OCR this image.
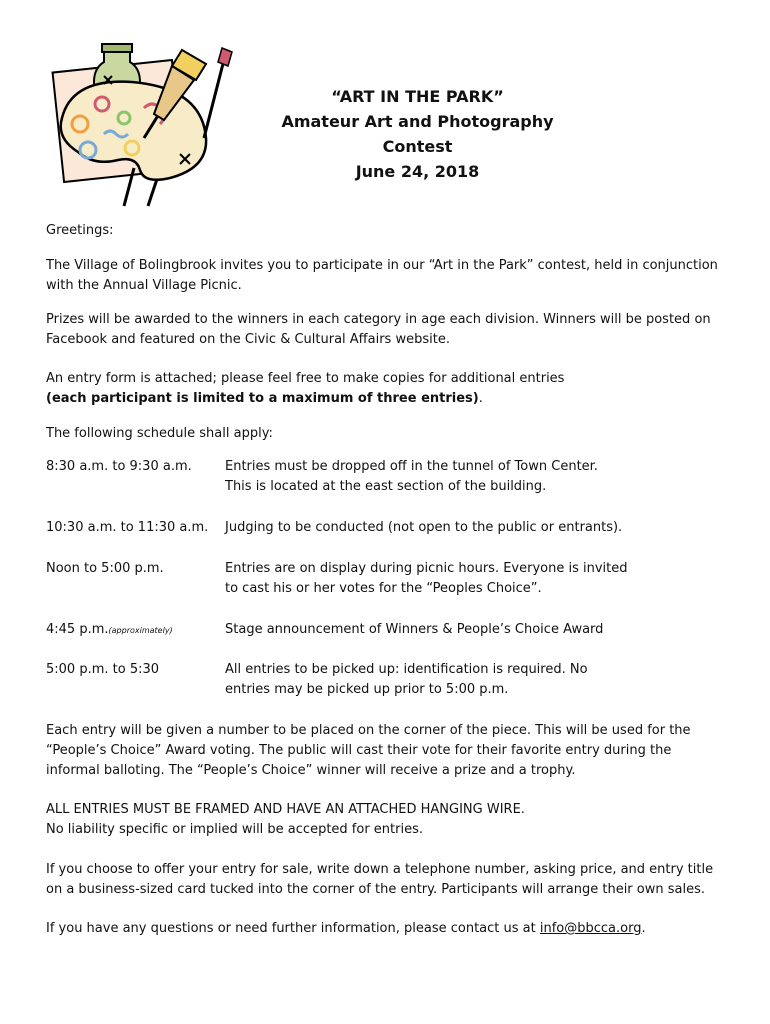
“ART IN THE PARK”
Amateur Art and Photography
Contest
June 24, 2018
Greetings:
The Village of Bolingbrook invites you to participate in our “Art in the Park” contest, held in conjunction
with the Annual Village Picnic.
Prizes will be awarded to the winners in each category in age each division. Winners will be posted on
Facebook and featured on the Civic & Cultural Affairs website.
An entry form is attached; please feel free to make copies for additional entries
(each participant is limited to a maximum of three entries).
The following schedule shall apply:
8:30 a.m. to 9:30 a.m.	Entries must be dropped off in the tunnel of Town Center.
This is located at the east section of the building.
10:30 a.m. to 11:30 a.m. Judging to be conducted (not open to the public or entrants).
Noon to 5:00 p.m.	Entries are on display during picnic hours. Everyone is invited
to cast his or her votes for the “Peoples Choice”.
4:45 p.m.(approximately)	Stage announcement of Winners & People’s Choice Award
5:00 p.m. to 5:30	All entries to be picked up: identification is required. No
entries may be picked up prior to 5:00 p.m.
Each entry will be given a number to be placed on the corner of the piece. This will be used for the
“People’s Choice” Award voting. The public will cast their vote for their favorite entry during the
informal balloting. The “People’s Choice” winner will receive a prize and a trophy.
ALL ENTRIES MUST BE FRAMED AND HAVE AN ATTACHED HANGING WIRE.
No liability specific or implied will be accepted for entries.
If you choose to offer your entry for sale, write down a telephone number, asking price, and entry title
on a business-sized card tucked into the corner of the entry. Participants will arrange their own sales.
If you have any questions or need further information, please contact us at info@bbcca.org.
